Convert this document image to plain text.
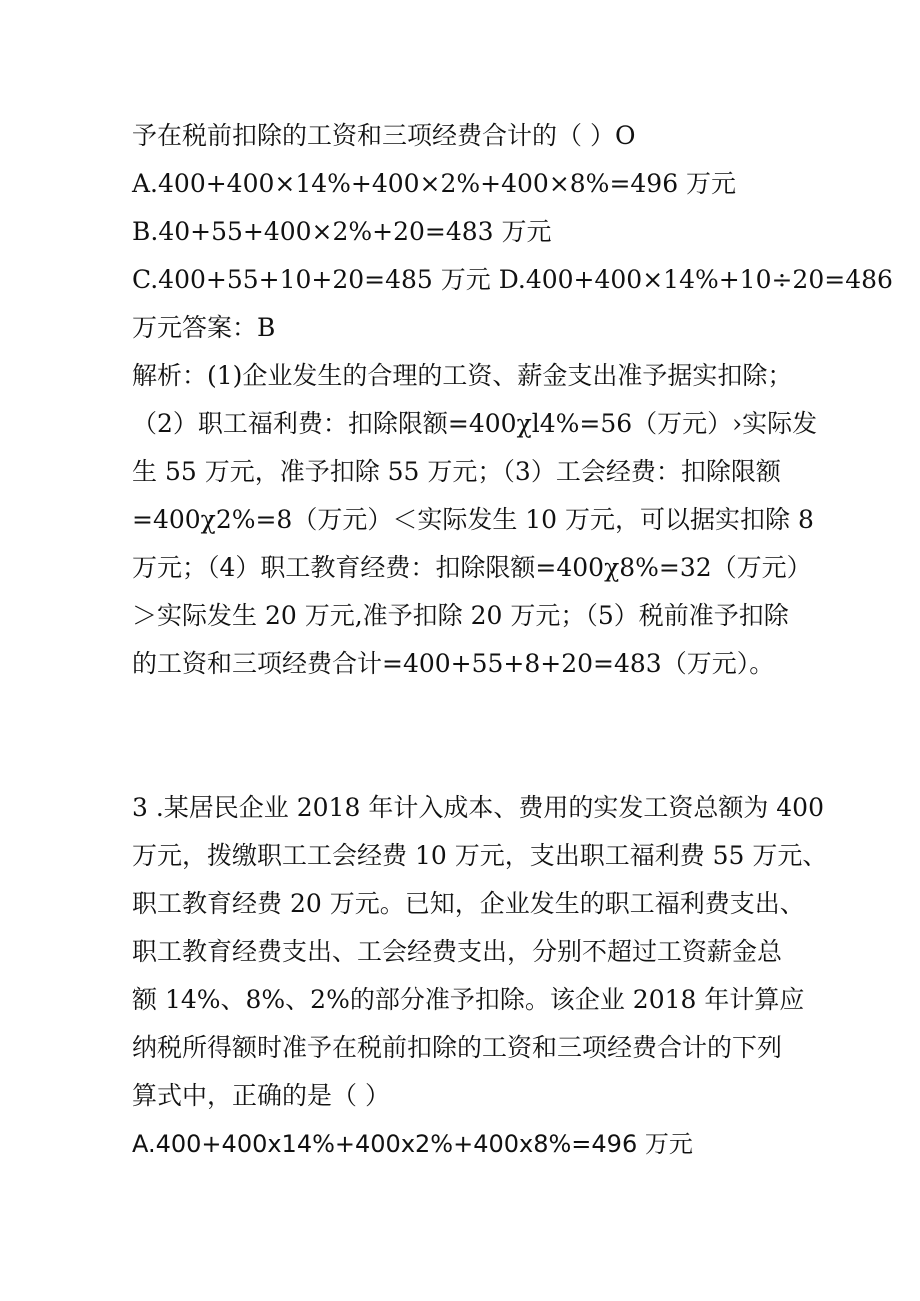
予在税前扣除的工资和三项经费合计的（ ）O
A.400+400×14%+400×2%+400×8%=496 万元
B.40+55+400×2%+20=483 万元
C.400+55+10+20=485 万元 D.400+400×14%+10÷20=486
万元答案：B
解析：(1)企业发生的合理的工资、薪金支出准予据实扣除；
（2）职工福利费：扣除限额=400χl4%=56（万元）›实际发
生 55 万元，准予扣除 55 万元；（3）工会经费：扣除限额
=400χ2%=8（万元）＜实际发生 10 万元，可以据实扣除 8
万元；（4）职工教育经费：扣除限额=400χ8%=32（万元）
＞实际发生 20 万元,准予扣除 20 万元；（5）税前准予扣除
的工资和三项经费合计=400+55+8+20=483（万元）。
3 .某居民企业 2018 年计入成本、费用的实发工资总额为 400
万元，拨缴职工工会经费 10 万元，支出职工福利费 55 万元、
职工教育经费 20 万元。已知，企业发生的职工福利费支出、
职工教育经费支出、工会经费支出，分别不超过工资薪金总
额 14%、8%、2%的部分准予扣除。该企业 2018 年计算应
纳税所得额时准予在税前扣除的工资和三项经费合计的下列
算式中，正确的是（ ）
A.400+400x14%+400x2%+400x8%=496 万元
